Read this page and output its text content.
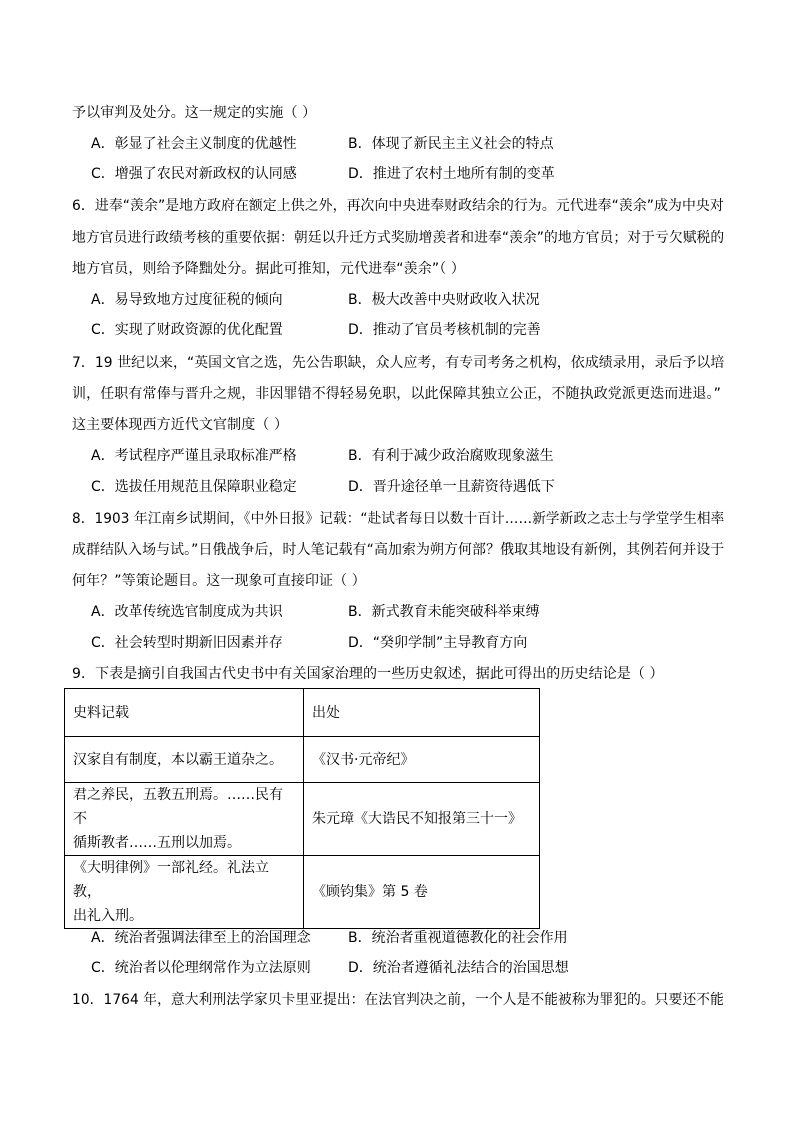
予以审判及处分。这一规定的实施（ ）
A．彰显了社会主义制度的优越性	B．体现了新民主主义社会的特点
C．增强了农民对新政权的认同感	D．推进了农村土地所有制的变革
6．进奉“羡余”是地方政府在额定上供之外，再次向中央进奉财政结余的行为。元代进奉“羡余”成为中央对
地方官员进行政绩考核的重要依据：朝廷以升迁方式奖励增羡者和进奉“羡余”的地方官员；对于亏欠赋税的
地方官员，则给予降黜处分。据此可推知，元代进奉“羡余”（ ）
A．易导致地方过度征税的倾向	B．极大改善中央财政收入状况
C．实现了财政资源的优化配置	D．推动了官员考核机制的完善
7．19 世纪以来，“英国文官之选，先公告职缺，众人应考，有专司考务之机构，依成绩录用，录后予以培
训，任职有常俸与晋升之规，非因罪错不得轻易免职，以此保障其独立公正，不随执政党派更迭而进退。”
这主要体现西方近代文官制度（ ）
A．考试程序严谨且录取标准严格	B．有利于减少政治腐败现象滋生
C．选拔任用规范且保障职业稳定	D．晋升途径单一且薪资待遇低下
8．1903 年江南乡试期间，《中外日报》记载：“赴试者每日以数十百计……新学新政之志士与学堂学生相率
成群结队入场与试。”日俄战争后，时人笔记载有“高加索为朔方何部？俄取其地设有新例，其例若何并设于
何年？”等策论题目。这一现象可直接印证（ ）
A．改革传统选官制度成为共识	B．新式教育未能突破科举束缚
C．社会转型时期新旧因素并存	D．“癸卯学制”主导教育方向
9．下表是摘引自我国古代史书中有关国家治理的一些历史叙述，据此可得出的历史结论是（ ）
史料记载	出处
汉家自有制度，本以霸王道杂之。	《汉书·元帝纪》

君之养民，五教五刑焉。……民有不
循斯教者……五刑以加焉。	朱元璋《大诰民不知报第三十一》

《大明律例》一部礼经。礼法立教，
出礼入刑。	《顾钧集》第 5 卷
A．统治者强调法律至上的治国理念	B．统治者重视道德教化的社会作用
C．统治者以伦理纲常作为立法原则	D．统治者遵循礼法结合的治国思想
10．1764 年，意大利刑法学家贝卡里亚提出：在法官判决之前，一个人是不能被称为罪犯的。只要还不能
